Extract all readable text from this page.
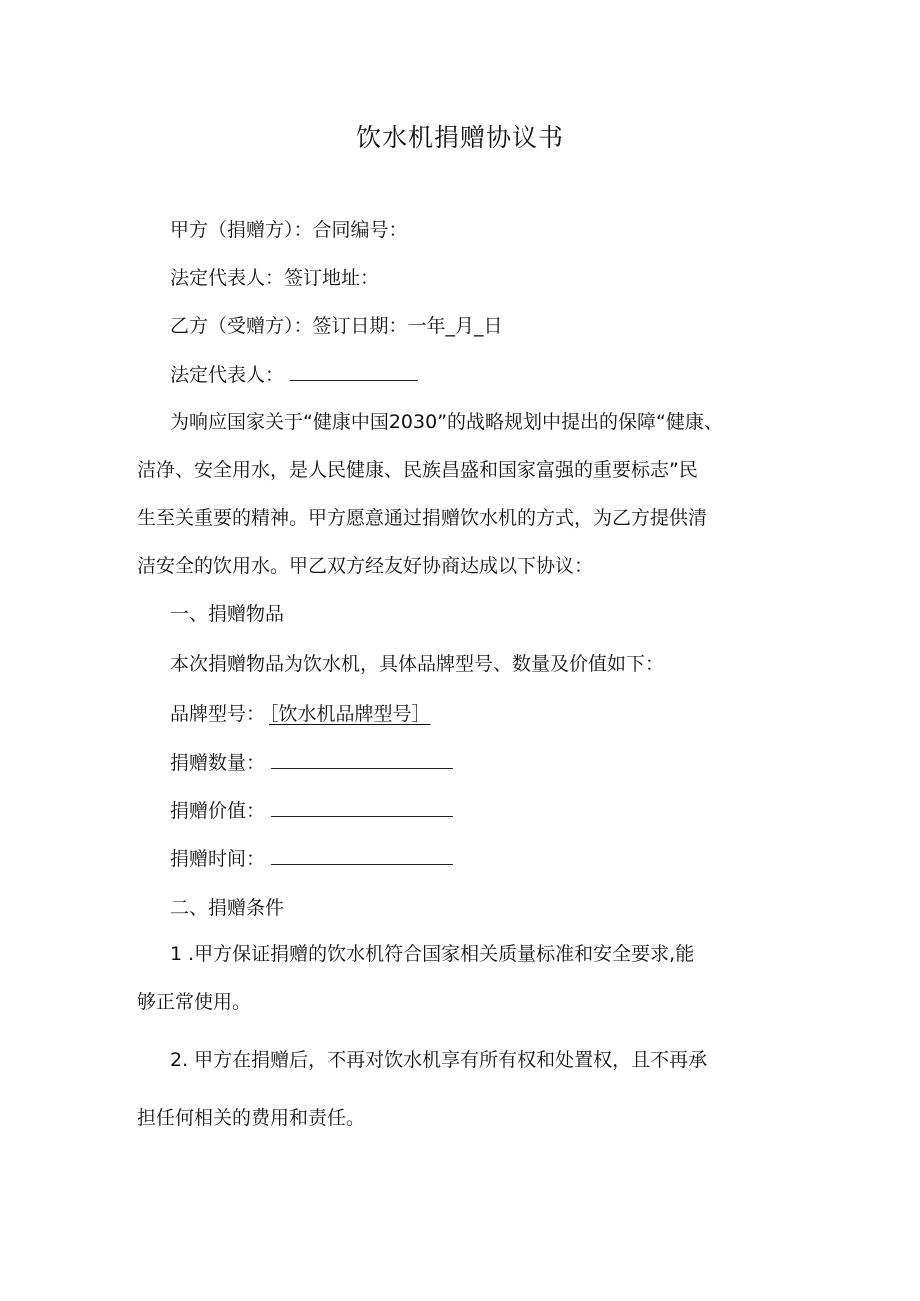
饮水机捐赠协议书
甲方（捐赠方）：合同编号：
法定代表人：签订地址：
乙方（受赠方）：签订日期：一年_月_日
法定代表人：
为响应国家关于“健康中国2030”的战略规划中提出的保障“健康、
洁净、安全用水，是人民健康、民族昌盛和国家富强的重要标志”民
生至关重要的精神。甲方愿意通过捐赠饮水机的方式，为乙方提供清
洁安全的饮用水。甲乙双方经友好协商达成以下协议：
一、捐赠物品
本次捐赠物品为饮水机，具体品牌型号、数量及价值如下：
品牌型号： ［饮水机品牌型号］
捐赠数量：
捐赠价值：
捐赠时间：
二、捐赠条件
1 .甲方保证捐赠的饮水机符合国家相关质量标准和安全要求,能
够正常使用。
2. 甲方在捐赠后，不再对饮水机享有所有权和处置权，且不再承
担任何相关的费用和责任。
